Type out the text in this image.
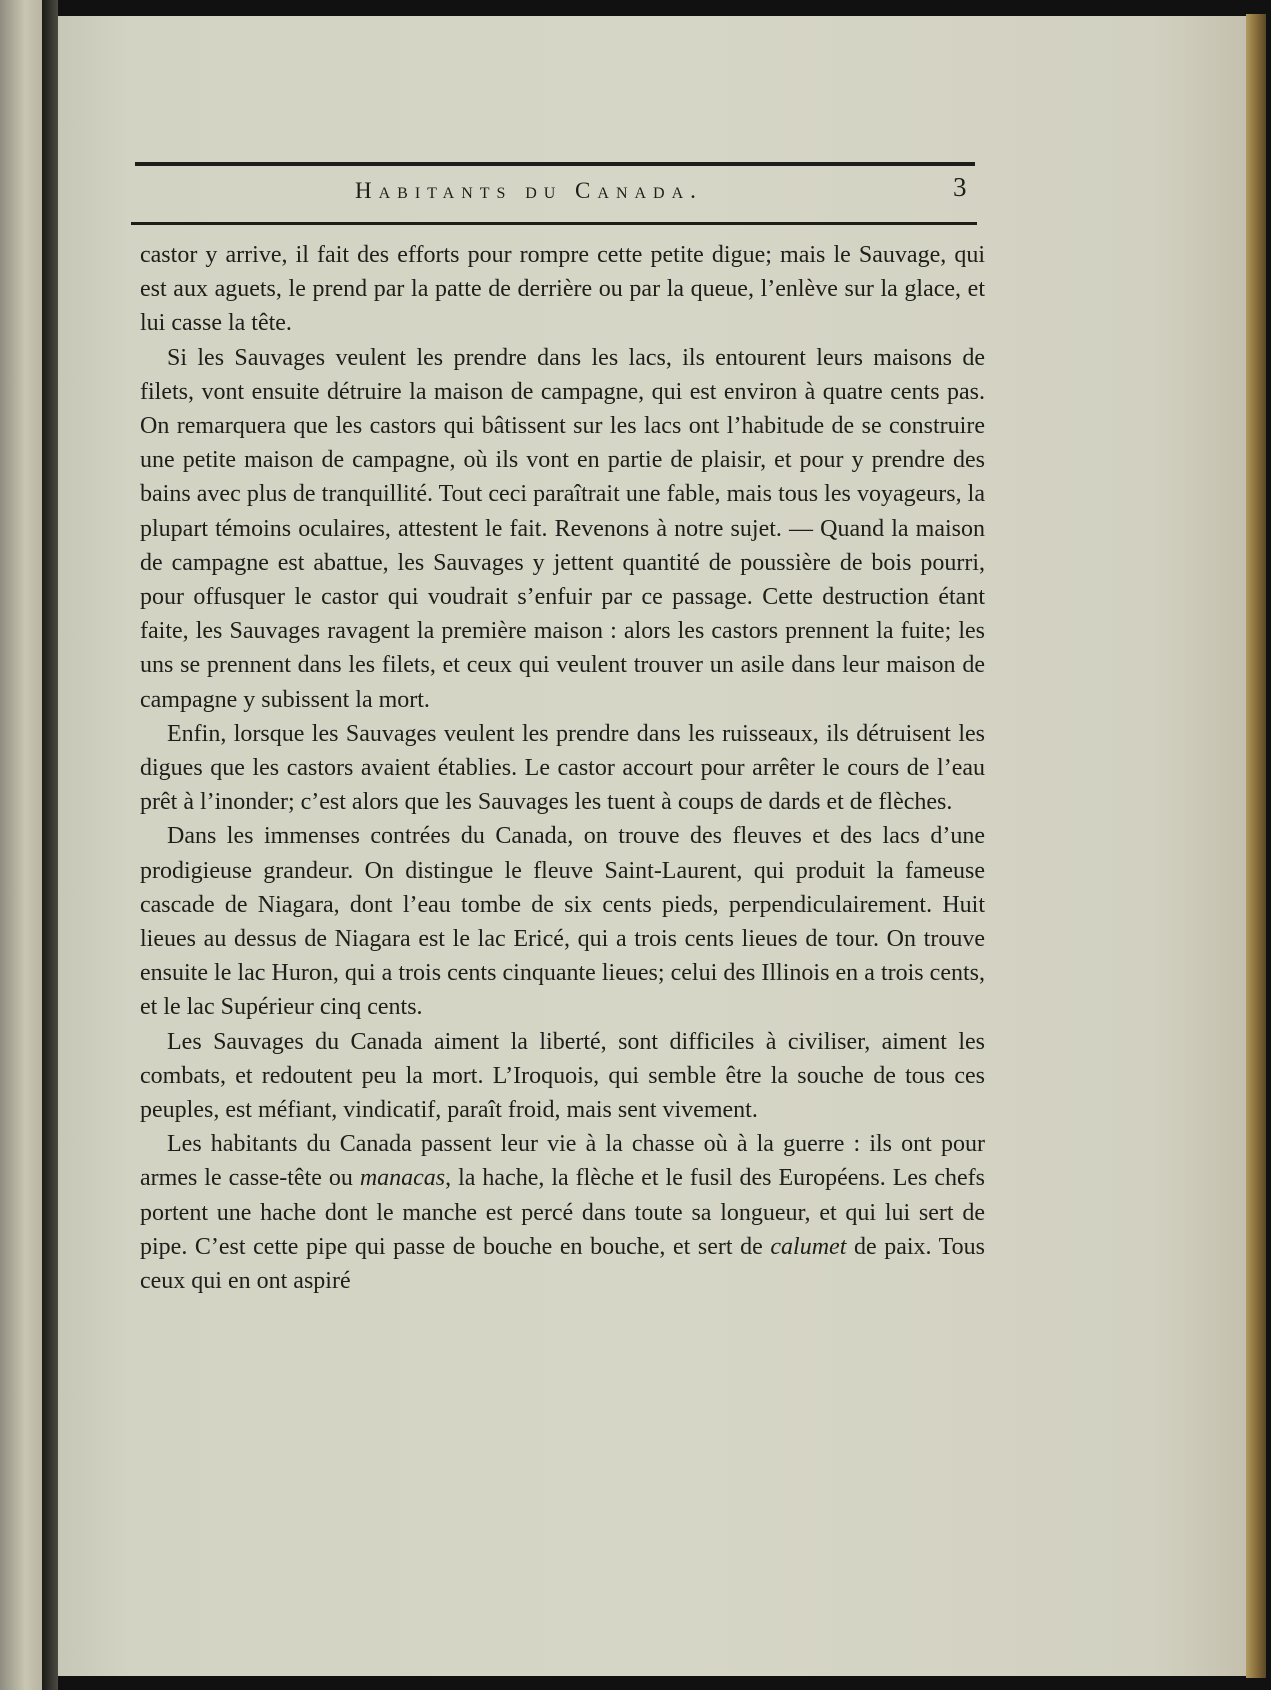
Habitants du Canada.	3

castor y arrive, il fait des efforts pour rompre cette petite digue; mais le Sauvage, qui est aux aguets, le prend par la patte de derrière ou par la queue, l’enlève sur la glace, et lui casse la tête.

Si les Sauvages veulent les prendre dans les lacs, ils entourent leurs maisons de filets, vont ensuite détruire la maison de campagne, qui est environ à quatre cents pas. On remarquera que les castors qui bâtissent sur les lacs ont l’habitude de se construire une petite maison de campagne, où ils vont en partie de plaisir, et pour y prendre des bains avec plus de tranquillité. Tout ceci paraîtrait une fable, mais tous les voyageurs, la plupart témoins oculaires, attestent le fait. Revenons à notre sujet. — Quand la maison de campagne est abattue, les Sauvages y jettent quantité de poussière de bois pourri, pour offusquer le castor qui voudrait s’enfuir par ce passage. Cette destruction étant faite, les Sauvages ravagent la première maison : alors les castors prennent la fuite; les uns se prennent dans les filets, et ceux qui veulent trouver un asile dans leur maison de campagne y subissent la mort.

Enfin, lorsque les Sauvages veulent les prendre dans les ruisseaux, ils détruisent les digues que les castors avaient établies. Le castor accourt pour arrêter le cours de l’eau prêt à l’inonder; c’est alors que les Sauvages les tuent à coups de dards et de flèches.

Dans les immenses contrées du Canada, on trouve des fleuves et des lacs d’une prodigieuse grandeur. On distingue le fleuve Saint-Laurent, qui produit la fameuse cascade de Niagara, dont l’eau tombe de six cents pieds, perpendiculairement. Huit lieues au dessus de Niagara est le lac Ericé, qui a trois cents lieues de tour. On trouve ensuite le lac Huron, qui a trois cents cinquante lieues; celui des Illinois en a trois cents, et le lac Supérieur cinq cents.

Les Sauvages du Canada aiment la liberté, sont difficiles à civiliser, aiment les combats, et redoutent peu la mort. L’Iroquois, qui semble être la souche de tous ces peuples, est méfiant, vindicatif, paraît froid, mais sent vivement.

Les habitants du Canada passent leur vie à la chasse où à la guerre : ils ont pour armes le casse-tête ou manacas, la hache, la flèche et le fusil des Européens. Les chefs portent une hache dont le manche est percé dans toute sa longueur, et qui lui sert de pipe. C’est cette pipe qui passe de bouche en bouche, et sert de calumet de paix. Tous ceux qui en ont aspiré
